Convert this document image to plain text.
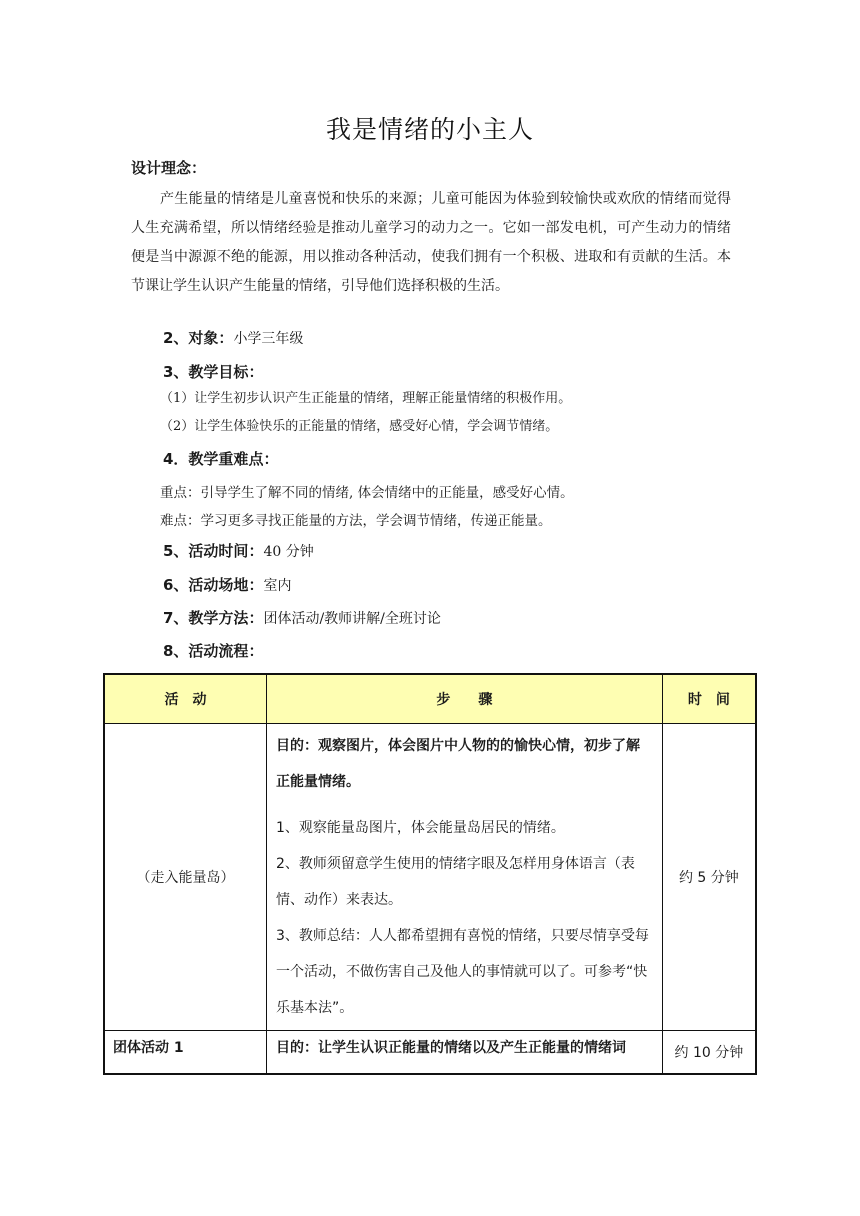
我是情绪的小主人
设计理念：
产生能量的情绪是儿童喜悦和快乐的来源；儿童可能因为体验到较愉快或欢欣的情绪而觉得人生充满希望，所以情绪经验是推动儿童学习的动力之一。它如一部发电机，可产生动力的情绪便是当中源源不绝的能源，用以推动各种活动，使我们拥有一个积极、进取和有贡献的生活。本节课让学生认识产生能量的情绪，引导他们选择积极的生活。
2、对象：小学三年级
3、教学目标：
（1）让学生初步认识产生正能量的情绪，理解正能量情绪的积极作用。
（2）让学生体验快乐的正能量的情绪，感受好心情，学会调节情绪。
4．教学重难点：
重点：引导学生了解不同的情绪, 体会情绪中的正能量，感受好心情。
难点：学习更多寻找正能量的方法，学会调节情绪，传递正能量。
5、活动时间：40 分钟
6、活动场地：室内
7、教学方法：团体活动/教师讲解/全班讨论
8、活动流程：
活　动	步　　骤	时　间
（走入能量岛）	目的：观察图片，体会图片中人物的的愉快心情，初步了解正能量情绪。
1、观察能量岛图片，体会能量岛居民的情绪。
2、教师须留意学生使用的情绪字眼及怎样用身体语言（表情、动作）来表达。
3、教师总结：人人都希望拥有喜悦的情绪，只要尽情享受每一个活动，不做伤害自己及他人的事情就可以了。可参考“快乐基本法”。	约 5 分钟
团体活动 1	目的：让学生认识正能量的情绪以及产生正能量的情绪词	约 10 分钟
